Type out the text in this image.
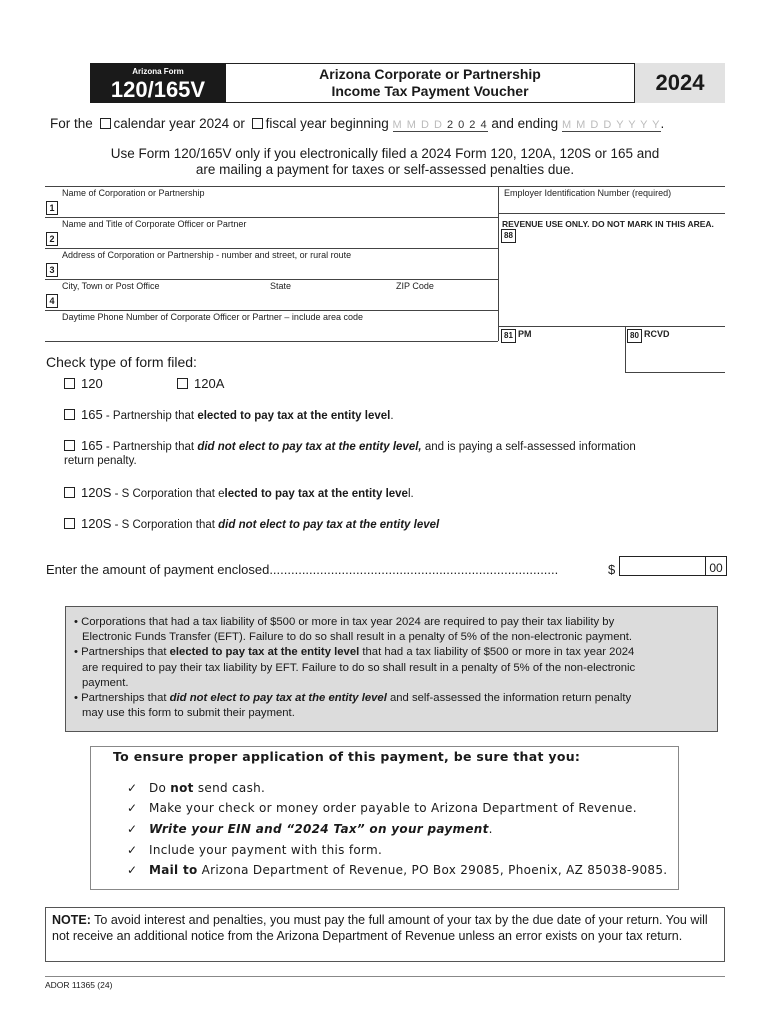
Arizona Form
120/165V
Arizona Corporate or Partnership
Income Tax Payment Voucher	2024
For the calendar year 2024 or fiscal year beginning M M D D 2 0 2 4 and ending M M D D Y Y Y Y.
Use Form 120/165V only if you electronically filed a 2024 Form 120, 120A, 120S or 165 and
are mailing a payment for taxes or self-assessed penalties due.
Name of Corporation or Partnership
1
Name and Title of Corporate Officer or Partner
2
Address of Corporation or Partnership - number and street, or rural route
3
City, Town or Post Office	State	ZIP Code
4
Daytime Phone Number of Corporate Officer or Partner – include area code
Employer Identification Number (required)
REVENUE USE ONLY. DO NOT MARK IN THIS AREA.
88
81 PM	80 RCVD
Check type of form filed:
120	120A
165 - Partnership that elected to pay tax at the entity level.
165 - Partnership that did not elect to pay tax at the entity level, and is paying a self-assessed information
return penalty.
120S - S Corporation that elected to pay tax at the entity level.
120S - S Corporation that did not elect to pay tax at the entity level
Enter the amount of payment enclosed................................................................................	$	00

• Corporations that had a tax liability of $500 or more in tax year 2024 are required to pay their tax liability by
Electronic Funds Transfer (EFT). Failure to do so shall result in a penalty of 5% of the non-electronic payment.

• Partnerships that elected to pay tax at the entity level that had a tax liability of $500 or more in tax year 2024
are required to pay their tax liability by EFT. Failure to do so shall result in a penalty of 5% of the non-electronic
payment.

• Partnerships that did not elect to pay tax at the entity level and self-assessed the information return penalty
may use this form to submit their payment.

To ensure proper application of this payment, be sure that you:
✓ Do not send cash.
✓ Make your check or money order payable to Arizona Department of Revenue.
✓ Write your EIN and “2024 Tax” on your payment.
✓ Include your payment with this form.
✓ Mail to Arizona Department of Revenue, PO Box 29085, Phoenix, AZ 85038-9085.
NOTE: To avoid interest and penalties, you must pay the full amount of your tax by the due date of your return. You will not receive an additional notice from the Arizona Department of Revenue unless an error exists on your tax return.
ADOR 11365 (24)
